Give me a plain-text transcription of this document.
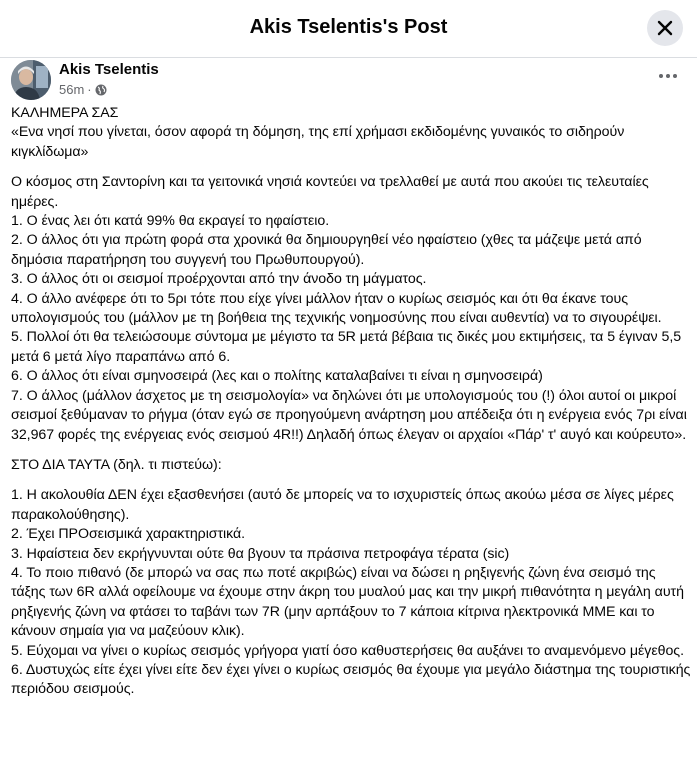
Akis Tselentis's Post
Akis Tselentis
56m ·

ΚΑΛΗΜΕΡΑ ΣΑΣ

«Ενα νησί που γίνεται, όσον αφορά τη δόμηση, της επί χρήμασι εκδιδομένης γυναικός το σιδηρούν κιγκλίδωμα»

Ο κόσμος στη Σαντορίνη και τα γειτονικά νησιά κοντεύει να τρελλαθεί με αυτά που ακούει τις τελευταίες ημέρες.

1. Ο ένας λει ότι κατά 99% θα εκραγεί το ηφαίστειο.

2. Ο άλλος ότι για πρώτη φορά στα χρονικά θα δημιουργηθεί νέο ηφαίστειο (χθες τα μάζεψε μετά από δημόσια παρατήρηση του συγγενή του Πρωθυπουργού).

3. Ο άλλος ότι οι σεισμοί προέρχονται από την άνοδο τη μάγματος.

4. Ο άλλο ανέφερε ότι το 5ρι τότε που είχε γίνει μάλλον ήταν ο κυρίως σεισμός και ότι θα έκανε τους υπολογισμούς του (μάλλον με τη βοήθεια της τεχνικής νοημοσύνης που είναι αυθεντία) να το σιγουρέψει.

5. Πολλοί ότι θα τελειώσουμε σύντομα με μέγιστο τα 5R μετά βέβαια τις δικές μου εκτιμήσεις, τα 5 έγιναν 5,5 μετά 6 μετά λίγο παραπάνω από 6.

6. Ο άλλος ότι είναι σμηνοσειρά (λες και ο πολίτης καταλαβαίνει τι είναι η σμηνοσειρά)

7. Ο άλλος (μάλλον άσχετος με τη σεισμολογία» να δηλώνει ότι με υπολογισμούς του (!) όλοι αυτοί οι μικροί σεισμοί ξεθύμαναν το ρήγμα (όταν εγώ σε προηγούμενη ανάρτηση μου απέδειξα ότι η ενέργεια ενός 7ρι είναι 32,967 φορές της ενέργειας ενός σεισμού 4R!!) Δηλαδή όπως έλεγαν οι αρχαίοι «Πάρ' τ' αυγό και κούρευτο».

ΣΤΟ ΔΙΑ ΤΑΥΤΑ (δηλ. τι πιστεύω):

1. Η ακολουθία ΔΕΝ έχει εξασθενήσει (αυτό δε μπορείς να το ισχυριστείς όπως ακούω μέσα σε λίγες μέρες παρακολούθησης).

2. Έχει ΠΡΟσεισμικά χαρακτηριστικά.

3. Ηφαίστεια δεν εκρήγνυνται ούτε θα βγουν τα πράσινα πετροφάγα τέρατα (sic)

4. Το ποιο πιθανό (δε μπορώ να σας πω ποτέ ακριβώς) είναι να δώσει η ρηξιγενής ζώνη ένα σεισμό της τάξης των 6R αλλά οφείλουμε να έχουμε στην άκρη του μυαλού μας και την μικρή πιθανότητα η μεγάλη αυτή ρηξιγενής ζώνη να φτάσει το ταβάνι των 7R (μην αρπάξουν το 7 κάποια κίτρινα ηλεκτρονικά ΜΜΕ και το κάνουν σημαία για να μαζεύουν κλικ).

5. Εύχομαι να γίνει ο κυρίως σεισμός γρήγορα γιατί όσο καθυστερήσεις θα αυξάνει το αναμενόμενο μέγεθος.

6. Δυστυχώς είτε έχει γίνει είτε δεν έχει γίνει ο κυρίως σεισμός θα έχουμε για μεγάλο διάστημα της τουριστικής περιόδου σεισμούς.
